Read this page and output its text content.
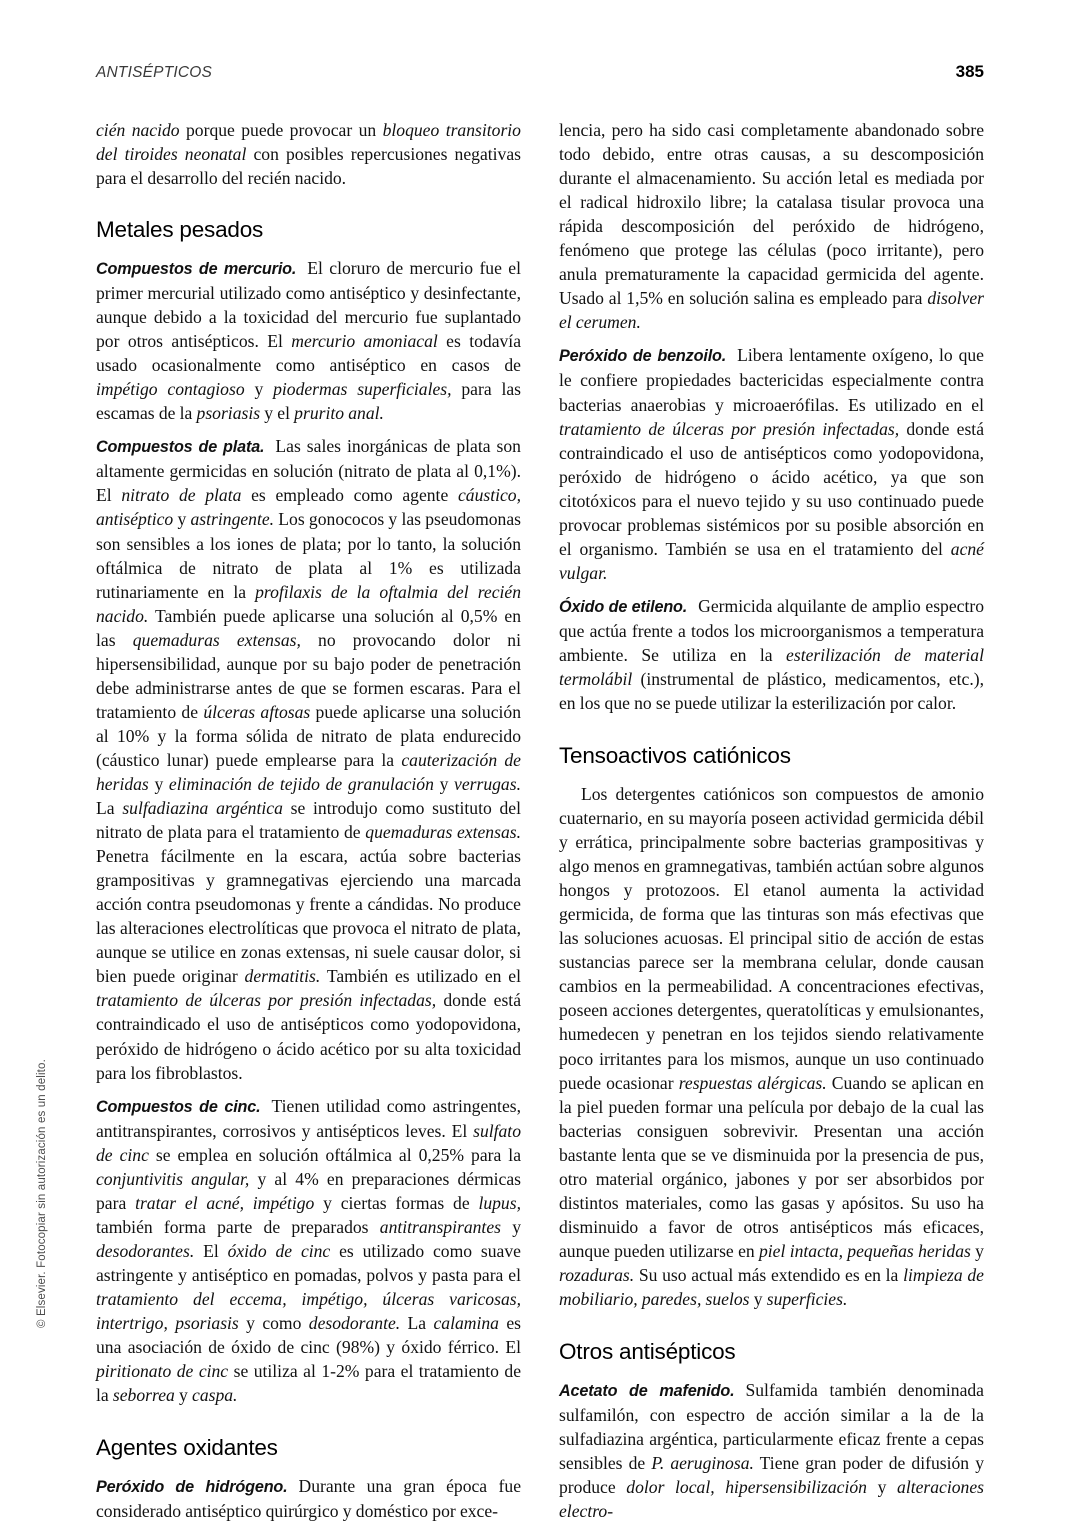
ANTISÉPTICOS	385
© Elsevier. Fotocopiar sin autorización es un delito.

cién nacido porque puede provocar un bloqueo transitorio del tiroides neonatal con posibles repercusiones negativas para el desarrollo del recién nacido.

Metales pesados

Compuestos de mercurio. El cloruro de mercurio fue el primer mercurial utilizado como antiséptico y desinfectante, aunque debido a la toxicidad del mercurio fue suplantado por otros antisépticos. El mercurio amoniacal es todavía usado ocasionalmente como antiséptico en casos de impétigo contagioso y piodermas superficiales, para las escamas de la psoriasis y el prurito anal.

Compuestos de plata. Las sales inorgánicas de plata son altamente germicidas en solución (nitrato de plata al 0,1%). El nitrato de plata es empleado como agente cáustico, antiséptico y astringente. Los gonococos y las pseudomonas son sensibles a los iones de plata; por lo tanto, la solución oftálmica de nitrato de plata al 1% es utilizada rutinariamente en la profilaxis de la oftalmia del recién nacido. También puede aplicarse una solución al 0,5% en las quemaduras extensas, no provocando dolor ni hipersensibilidad, aunque por su bajo poder de penetración debe administrarse antes de que se formen escaras. Para el tratamiento de úlceras aftosas puede aplicarse una solución al 10% y la forma sólida de nitrato de plata endurecido (cáustico lunar) puede emplearse para la cauterización de heridas y eliminación de tejido de granulación y verrugas. La sulfadiazina argéntica se introdujo como sustituto del nitrato de plata para el tratamiento de quemaduras extensas. Penetra fácilmente en la escara, actúa sobre bacterias grampositivas y gramnegativas ejerciendo una marcada acción contra pseudomonas y frente a cándidas. No produce las alteraciones electrolíticas que provoca el nitrato de plata, aunque se utilice en zonas extensas, ni suele causar dolor, si bien puede originar dermatitis. También es utilizado en el tratamiento de úlceras por presión infectadas, donde está contraindicado el uso de antisépticos como yodopovidona, peróxido de hidrógeno o ácido acético por su alta toxicidad para los fibroblastos.

Compuestos de cinc. Tienen utilidad como astringentes, antitranspirantes, corrosivos y antisépticos leves. El sulfato de cinc se emplea en solución oftálmica al 0,25% para la conjuntivitis angular, y al 4% en preparaciones dérmicas para tratar el acné, impétigo y ciertas formas de lupus, también forma parte de preparados antitranspirantes y desodorantes. El óxido de cinc es utilizado como suave astringente y antiséptico en pomadas, polvos y pasta para el tratamiento del eccema, impétigo, úlceras varicosas, intertrigo, psoriasis y como desodorante. La calamina es una asociación de óxido de cinc (98%) y óxido férrico. El piritionato de cinc se utiliza al 1-2% para el tratamiento de la seborrea y caspa.

Agentes oxidantes

Peróxido de hidrógeno. Durante una gran época fue considerado antiséptico quirúrgico y doméstico por exce-

lencia, pero ha sido casi completamente abandonado sobre todo debido, entre otras causas, a su descomposición durante el almacenamiento. Su acción letal es mediada por el radical hidroxilo libre; la catalasa tisular provoca una rápida descomposición del peróxido de hidrógeno, fenómeno que protege las células (poco irritante), pero anula prematuramente la capacidad germicida del agente. Usado al 1,5% en solución salina es empleado para disolver el cerumen.

Peróxido de benzoilo. Libera lentamente oxígeno, lo que le confiere propiedades bactericidas especialmente contra bacterias anaerobias y microaerófilas. Es utilizado en el tratamiento de úlceras por presión infectadas, donde está contraindicado el uso de antisépticos como yodopovidona, peróxido de hidrógeno o ácido acético, ya que son citotóxicos para el nuevo tejido y su uso continuado puede provocar problemas sistémicos por su posible absorción en el organismo. También se usa en el tratamiento del acné vulgar.

Óxido de etileno. Germicida alquilante de amplio espectro que actúa frente a todos los microorganismos a temperatura ambiente. Se utiliza en la esterilización de material termolábil (instrumental de plástico, medicamentos, etc.), en los que no se puede utilizar la esterilización por calor.

Tensoactivos catiónicos

Los detergentes catiónicos son compuestos de amonio cuaternario, en su mayoría poseen actividad germicida débil y errática, principalmente sobre bacterias grampositivas y algo menos en gramnegativas, también actúan sobre algunos hongos y protozoos. El etanol aumenta la actividad germicida, de forma que las tinturas son más efectivas que las soluciones acuosas. El principal sitio de acción de estas sustancias parece ser la membrana celular, donde causan cambios en la permeabilidad. A concentraciones efectivas, poseen acciones detergentes, queratolíticas y emulsionantes, humedecen y penetran en los tejidos siendo relativamente poco irritantes para los mismos, aunque un uso continuado puede ocasionar respuestas alérgicas. Cuando se aplican en la piel pueden formar una película por debajo de la cual las bacterias consiguen sobrevivir. Presentan una acción bastante lenta que se ve disminuida por la presencia de pus, otro material orgánico, jabones y por ser absorbidos por distintos materiales, como las gasas y apósitos. Su uso ha disminuido a favor de otros antisépticos más eficaces, aunque pueden utilizarse en piel intacta, pequeñas heridas y rozaduras. Su uso actual más extendido es en la limpieza de mobiliario, paredes, suelos y superficies.

Otros antisépticos

Acetato de mafenido. Sulfamida también denominada sulfamilón, con espectro de acción similar a la de la sulfadiazina argéntica, particularmente eficaz frente a cepas sensibles de P. aeruginosa. Tiene gran poder de difusión y produce dolor local, hipersensibilización y alteraciones electro-
